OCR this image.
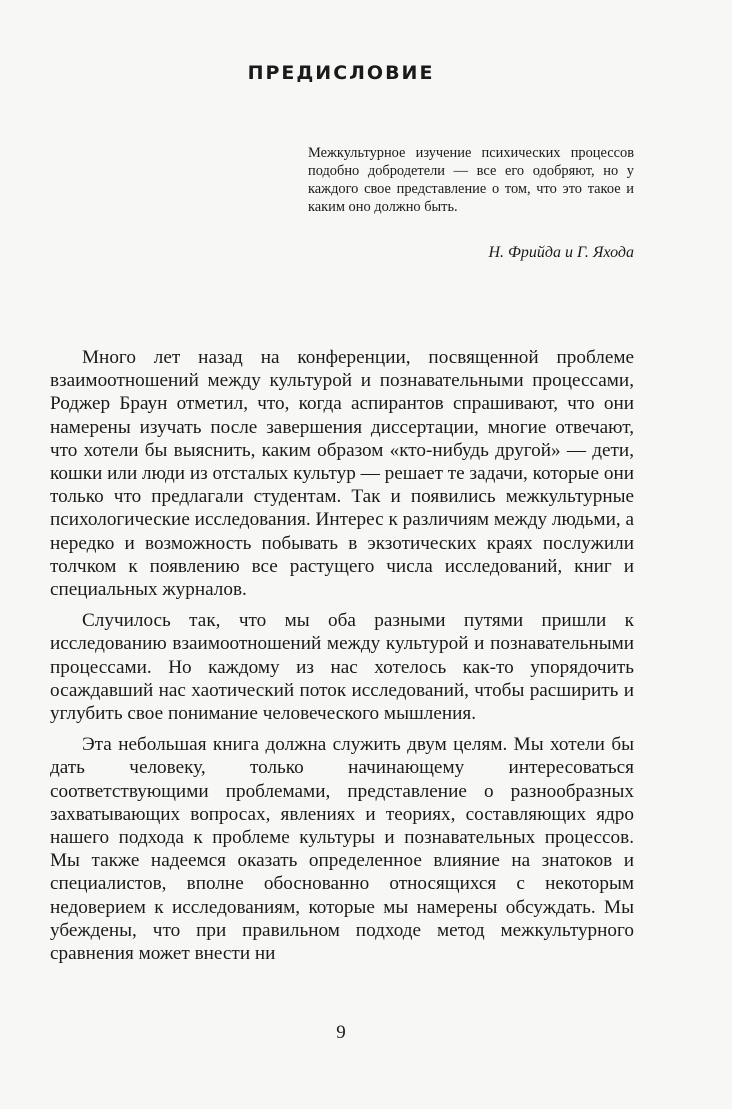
ПРЕДИСЛОВИЕ
Межкультурное изучение психических процессов подобно добродетели — все его одобряют, но у каждого свое представление о том, что это такое и каким оно должно быть.
Н. Фрийда и Г. Яхода

Много лет назад на конференции, посвященной проблеме взаимоотношений между культурой и познавательными процессами, Роджер Браун отметил, что, когда аспирантов спрашивают, что они намерены изучать после завершения диссертации, многие отвечают, что хотели бы выяснить, каким образом «кто-нибудь другой» — дети, кошки или люди из отсталых культур — решает те задачи, которые они только что предлагали студентам. Так и появились межкультурные психологические исследования. Интерес к различиям между людьми, а нередко и возможность побывать в экзотических краях послужили толчком к появлению все растущего числа исследований, книг и специальных журналов.

Случилось так, что мы оба разными путями пришли к исследованию взаимоотношений между культурой и познавательными процессами. Но каждому из нас хотелось как-то упорядочить осаждавший нас хаотический поток исследований, чтобы расширить и углубить свое понимание человеческого мышления.

Эта небольшая книга должна служить двум целям. Мы хотели бы дать человеку, только начинающему интересоваться соответствующими проблемами, представление о разнообразных захватывающих вопросах, явлениях и теориях, составляющих ядро нашего подхода к проблеме культуры и познавательных процессов. Мы также надеемся оказать определенное влияние на знатоков и специалистов, вполне обоснованно относящихся с некоторым недоверием к исследованиям, которые мы намерены обсуждать. Мы убеждены, что при правильном подходе метод межкультурного сравнения может внести ни

9
